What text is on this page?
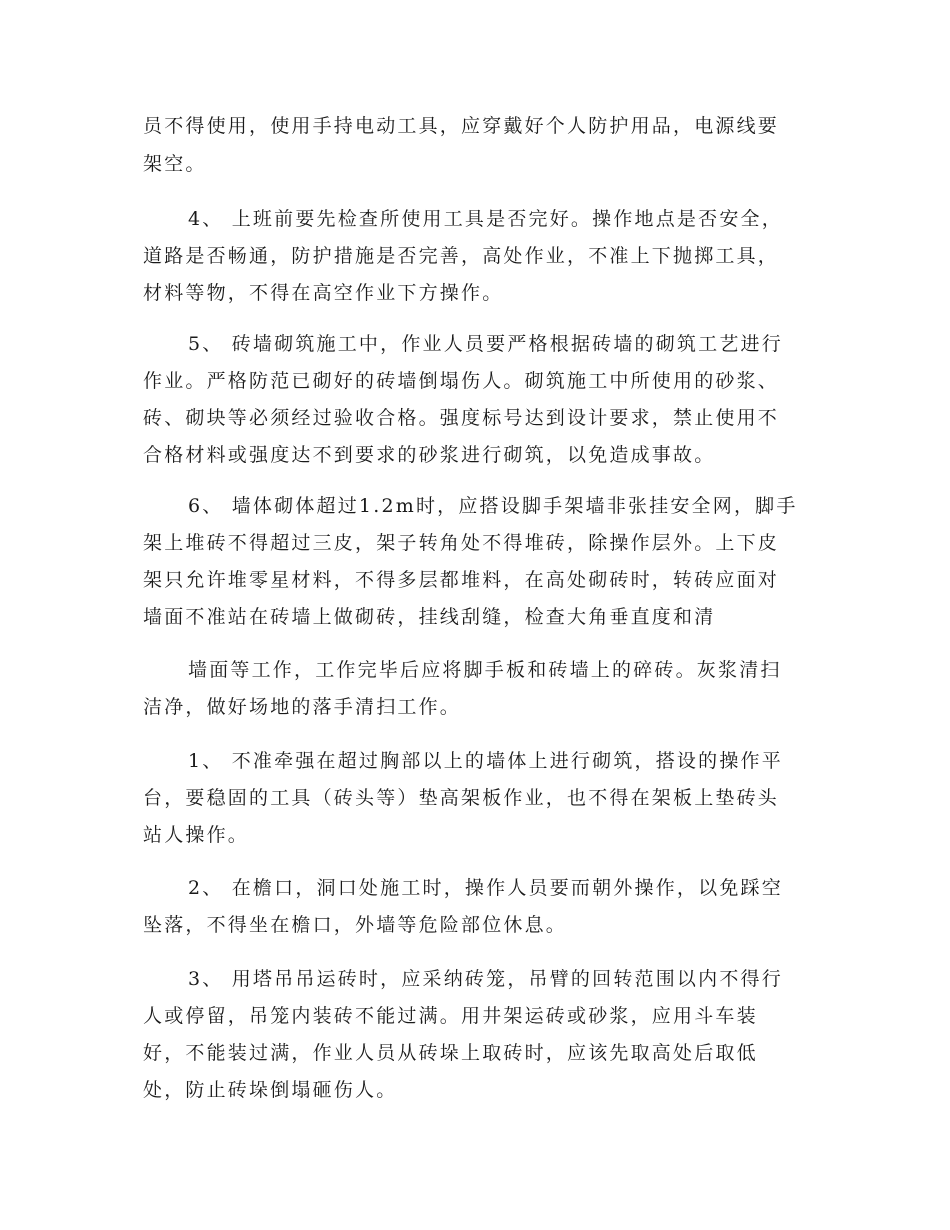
员不得使用，使用手持电动工具，应穿戴好个人防护用品，电源线要
架空。
4、 上班前要先检查所使用工具是否完好。操作地点是否安全，
道路是否畅通，防护措施是否完善，高处作业，不准上下抛掷工具，
材料等物，不得在高空作业下方操作。
5、 砖墙砌筑施工中，作业人员要严格根据砖墙的砌筑工艺进行
作业。严格防范已砌好的砖墙倒塌伤人。砌筑施工中所使用的砂浆、
砖、砌块等必须经过验收合格。强度标号达到设计要求，禁止使用不
合格材料或强度达不到要求的砂浆进行砌筑，以免造成事故。
6、 墙体砌体超过1.2m时，应搭设脚手架墙非张挂安全网，脚手
架上堆砖不得超过三皮，架子转角处不得堆砖，除操作层外。上下皮
架只允许堆零星材料，不得多层都堆料，在高处砌砖时，转砖应面对
墙面不准站在砖墙上做砌砖，挂线刮缝，检查大角垂直度和清
墙面等工作，工作完毕后应将脚手板和砖墙上的碎砖。灰浆清扫
洁净，做好场地的落手清扫工作。
1、 不准牵强在超过胸部以上的墙体上进行砌筑，搭设的操作平
台，要稳固的工具（砖头等）垫高架板作业，也不得在架板上垫砖头
站人操作。
2、 在檐口，洞口处施工时，操作人员要而朝外操作，以免踩空
坠落，不得坐在檐口，外墙等危险部位休息。
3、 用塔吊吊运砖时，应采纳砖笼，吊臂的回转范围以内不得行
人或停留，吊笼内装砖不能过满。用井架运砖或砂浆，应用斗车装
好，不能装过满，作业人员从砖垛上取砖时，应该先取高处后取低
处，防止砖垛倒塌砸伤人。
